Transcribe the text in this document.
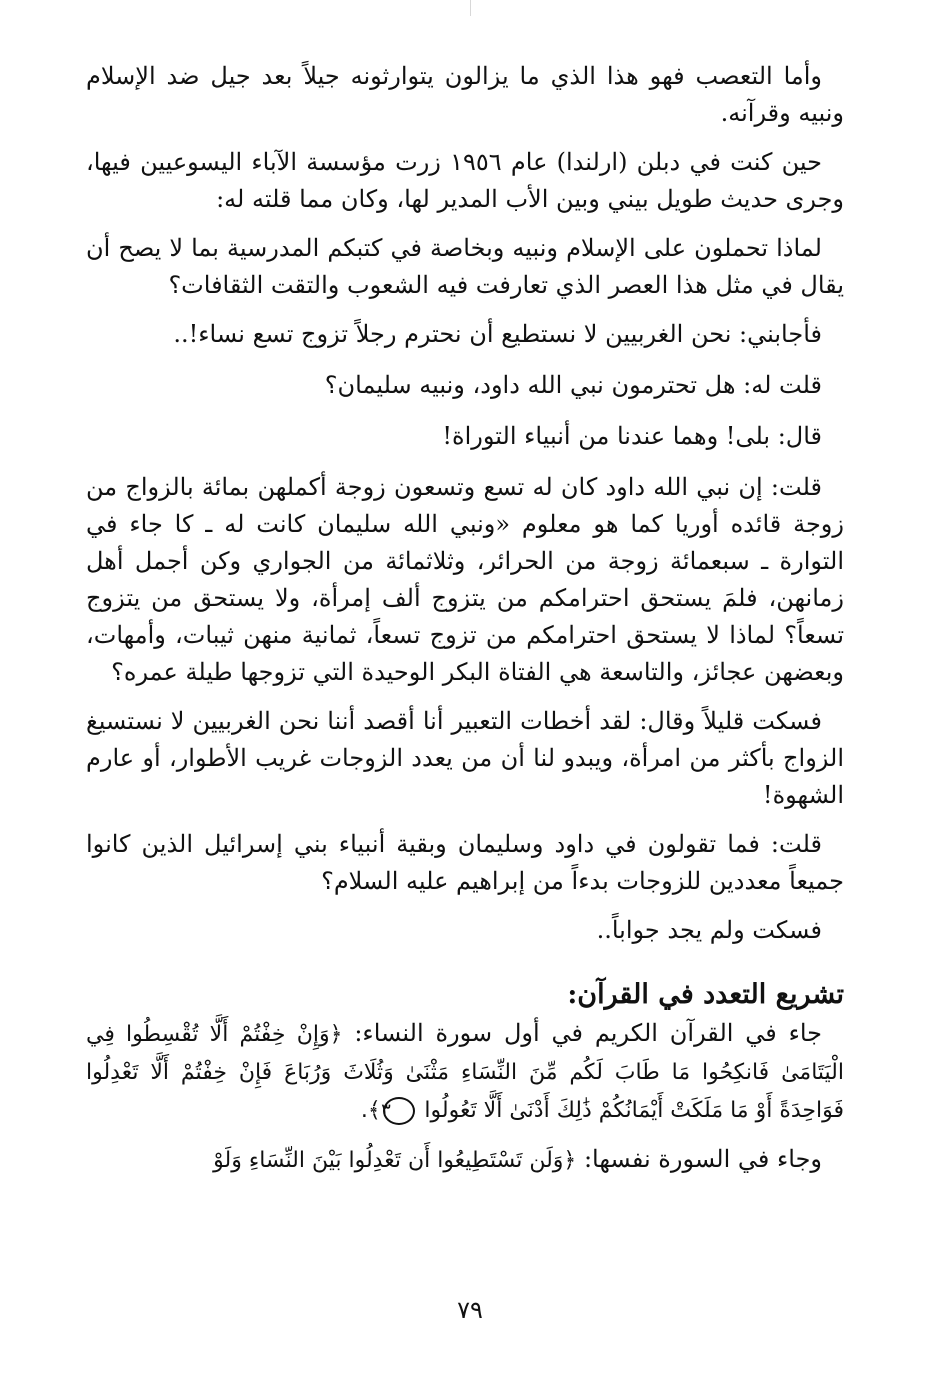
وأما التعصب فهو هذا الذي ما يزالون يتوارثونه جيلاً بعد جيل ضد الإسلام ونبيه وقرآنه.

حين كنت في دبلن (ارلندا) عام ١٩٥٦ زرت مؤسسة الآباء اليسوعيين فيها، وجرى حديث طويل بيني وبين الأب المدير لها، وكان مما قلته له:

لماذا تحملون على الإسلام ونبيه وبخاصة في كتبكم المدرسية بما لا يصح أن يقال في مثل هذا العصر الذي تعارفت فيه الشعوب والتقت الثقافات؟

فأجابني: نحن الغربيين لا نستطيع أن نحترم رجلاً تزوج تسع نساء!..

قلت له: هل تحترمون نبي الله داود، ونبيه سليمان؟

قال: بلى! وهما عندنا من أنبياء التوراة!

قلت: إن نبي الله داود كان له تسع وتسعون زوجة أكملهن بمائة بالزواج من زوجة قائده أوريا كما هو معلوم «ونبي الله سليمان كانت له ـ كا جاء في التوارة ـ سبعمائة زوجة من الحرائر، وثلاثمائة من الجواري وكن أجمل أهل زمانهن، فلمَ يستحق احترامكم من يتزوج ألف إمرأة، ولا يستحق من يتزوج تسعاً؟ لماذا لا يستحق احترامكم من تزوج تسعاً، ثمانية منهن ثيبات، وأمهات، وبعضهن عجائز، والتاسعة هي الفتاة البكر الوحيدة التي تزوجها طيلة عمره؟

فسكت قليلاً وقال: لقد أخطات التعبير أنا أقصد أننا نحن الغربيين لا نستسيغ الزواج بأكثر من امرأة، ويبدو لنا أن من يعدد الزوجات غريب الأطوار، أو عارم الشهوة!

قلت: فما تقولون في داود وسليمان وبقية أنبياء بني إسرائيل الذين كانوا جميعاً معددين للزوجات بدءاً من إبراهيم عليه السلام؟

فسكت ولم يجد جواباً..

تشريع التعدد في القرآن:

جاء في القرآن الكريم في أول سورة النساء: ﴿وَإِنْ خِفْتُمْ أَلَّا تُقْسِطُوا فِي الْيَتَامَىٰ فَانكِحُوا مَا طَابَ لَكُم مِّنَ النِّسَاءِ مَثْنَىٰ وَثُلَاثَ وَرُبَاعَ فَإِنْ خِفْتُمْ أَلَّا تَعْدِلُوا فَوَاحِدَةً أَوْ مَا مَلَكَتْ أَيْمَانُكُمْ ذَٰلِكَ أَدْنَىٰ أَلَّا تَعُولُوا ٣﴾.

وجاء في السورة نفسها: ﴿وَلَن تَسْتَطِيعُوا أَن تَعْدِلُوا بَيْنَ النِّسَاءِ وَلَوْ

٧٩
